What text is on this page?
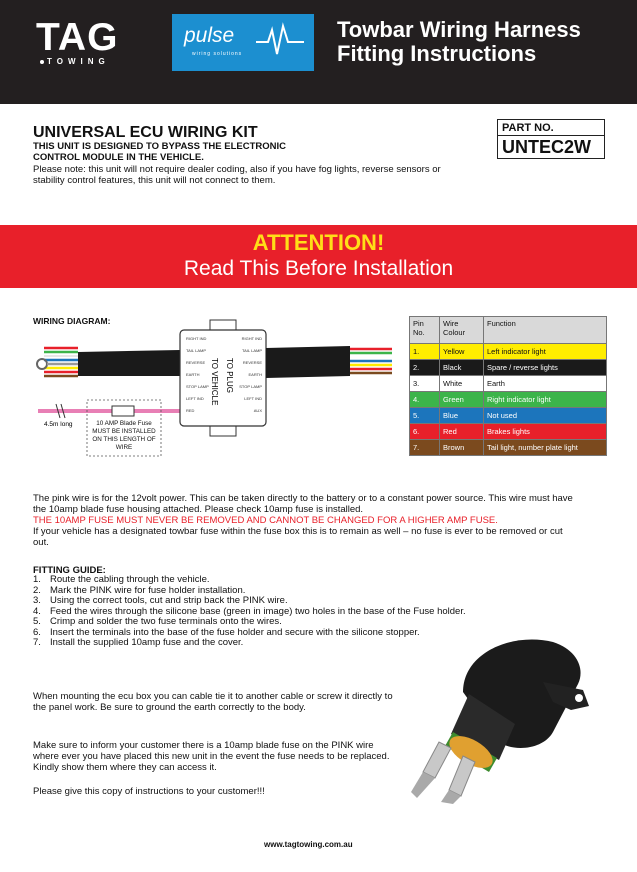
TAG
TOWING
pulse
wiring solutions
Towbar Wiring Harness
Fitting Instructions
UNIVERSAL ECU WIRING KIT
THIS UNIT IS DESIGNED TO BYPASS THE ELECTRONIC
CONTROL MODULE IN THE VEHICLE.
Please note: this unit will not require dealer coding, also if you have fog lights, reverse sensors or stability control features, this unit will not connect to them.
PART NO.
UNTEC2W
ATTENTION!
Read This Before Installation
WIRING DIAGRAM:
RIGHT IND
TAIL LAMP
REVERSE
EARTH
STOP LAMP
LEFT IND
RED
RIGHT IND
TAIL LAMP
REVERSE
EARTH
STOP LAMP
LEFT IND
AUX
TO VEHICLE TO PLUG
4.5m long	10 AMP Blade Fuse MUST BE INSTALLED ON THIS LENGTH OF WIRE
Pin No.	Wire Colour	Function
1.	Yellow	Left indicator light
2.	Black	Spare / reverse lights
3.	White	Earth
4.	Green	Right indicator light
5.	Blue	Not used
6.	Red	Brakes lights
7.	Brown	Tail light, number plate light
The pink wire is for the 12volt power. This can be taken directly to the battery or to a constant power source. This wire must have the 10amp blade fuse housing attached. Please check 10amp fuse is installed.
THE 10AMP FUSE MUST NEVER BE REMOVED AND CANNOT BE CHANGED FOR A HIGHER AMP FUSE.
If your vehicle has a designated towbar fuse within the fuse box this is to remain as well – no fuse is ever to be removed or cut out.
FITTING GUIDE:
1. Route the cabling through the vehicle.
2. Mark the PINK wire for fuse holder installation.
3. Using the correct tools, cut and strip back the PINK wire.
4. Feed the wires through the silicone base (green in image) two holes in the base of the Fuse holder.
5. Crimp and solder the two fuse terminals onto the wires.
6. Insert the terminals into the base of the fuse holder and secure with the silicone stopper.
7. Install the supplied 10amp fuse and the cover.
When mounting the ecu box you can cable tie it to another cable or screw it directly to the panel work. Be sure to ground the earth correctly to the body.
Make sure to inform your customer there is a 10amp blade fuse on the PINK wire where ever you have placed this new unit in the event the fuse needs to be replaced. Kindly show them where they can access it.
Please give this copy of instructions to your customer!!!
www.tagtowing.com.au
